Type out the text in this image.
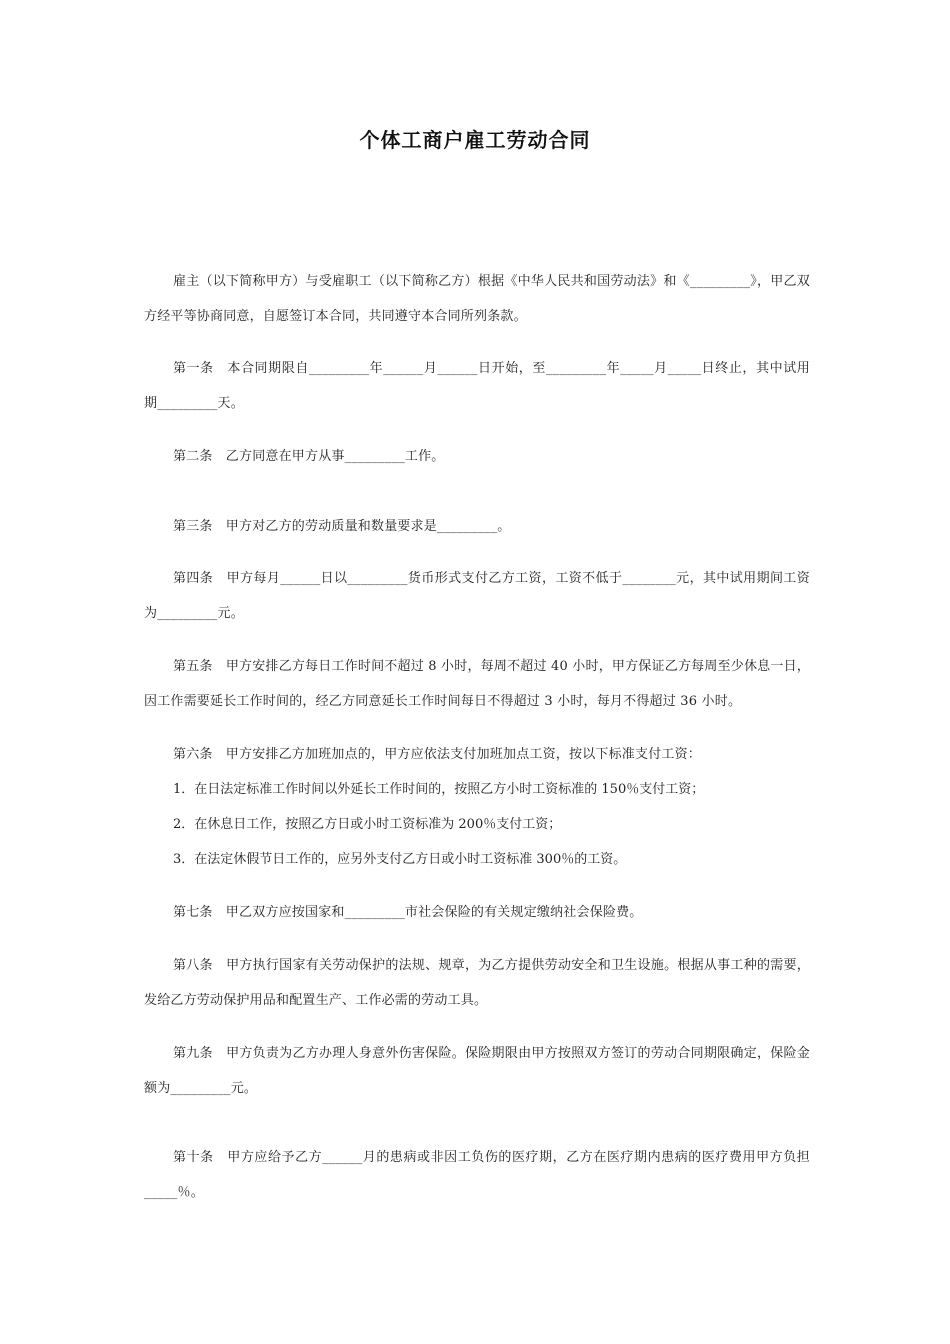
个体工商户雇工劳动合同
雇主（以下简称甲方）与受雇职工（以下简称乙方）根据《中华人民共和国劳动法》和《_________》，甲乙双方经平等协商同意，自愿签订本合同，共同遵守本合同所列条款。
第一条　本合同期限自_________年______月______日开始，至_________年_____月_____日终止，其中试用期_________天。
第二条　乙方同意在甲方从事_________工作。
第三条　甲方对乙方的劳动质量和数量要求是_________。
第四条　甲方每月______日以_________货币形式支付乙方工资，工资不低于________元，其中试用期间工资为_________元。
第五条　甲方安排乙方每日工作时间不超过 8 小时，每周不超过 40 小时，甲方保证乙方每周至少休息一日，因工作需要延长工作时间的，经乙方同意延长工作时间每日不得超过 3 小时，每月不得超过 36 小时。
第六条　甲方安排乙方加班加点的，甲方应依法支付加班加点工资，按以下标准支付工资：
1．在日法定标准工作时间以外延长工作时间的，按照乙方小时工资标准的 150％支付工资；
2．在休息日工作，按照乙方日或小时工资标准为 200％支付工资；
3．在法定休假节日工作的，应另外支付乙方日或小时工资标准 300％的工资。
第七条　甲乙双方应按国家和_________市社会保险的有关规定缴纳社会保险费。
第八条　甲方执行国家有关劳动保护的法规、规章，为乙方提供劳动安全和卫生设施。根据从事工种的需要，发给乙方劳动保护用品和配置生产、工作必需的劳动工具。
第九条　甲方负责为乙方办理人身意外伤害保险。保险期限由甲方按照双方签订的劳动合同期限确定，保险金额为_________元。
第十条　甲方应给予乙方______月的患病或非因工负伤的医疗期，乙方在医疗期内患病的医疗费用甲方负担_____％。
